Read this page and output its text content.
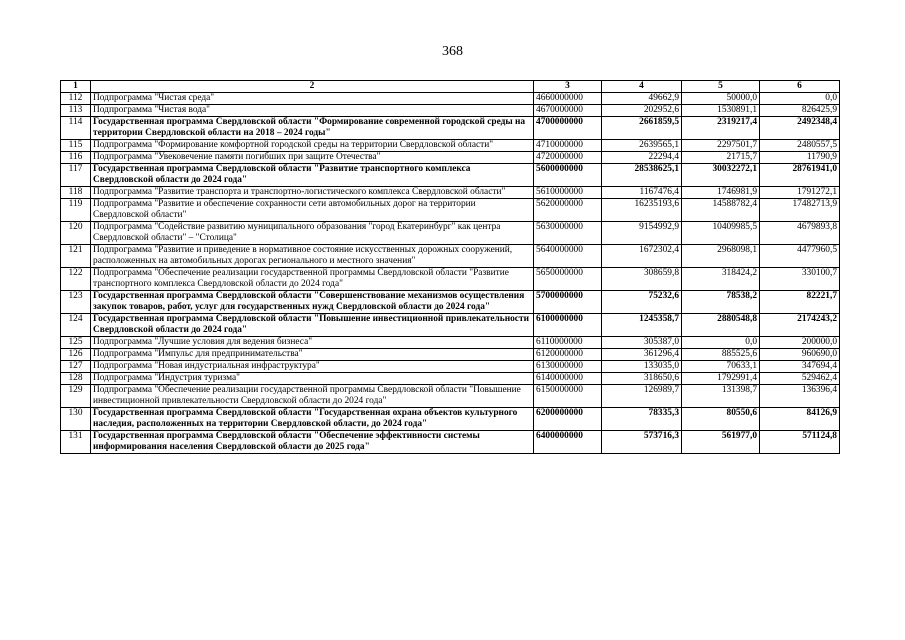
368
1	2	3	4	5	6
112	Подпрограмма "Чистая среда"	4660000000	49662,9	50000,0	0,0
113	Подпрограмма "Чистая вода"	4670000000	202952,6	1530891,1	826425,9
114	Государственная программа Свердловской области "Формирование современной городской среды на территории Свердловской области на 2018 – 2024 годы"	4700000000	2661859,5	2319217,4	2492348,4
115	Подпрограмма "Формирование комфортной городской среды на территории Свердловской области"	4710000000	2639565,1	2297501,7	2480557,5
116	Подпрограмма "Увековечение памяти погибших при защите Отечества"	4720000000	22294,4	21715,7	11790,9
117	Государственная программа Свердловской области "Развитие транспортного комплекса Свердловской области до 2024 года"	5600000000	28538625,1	30032272,1	28761941,0
118	Подпрограмма "Развитие транспорта и транспортно-логистического комплекса Свердловской области"	5610000000	1167476,4	1746981,9	1791272,1
119	Подпрограмма "Развитие и обеспечение сохранности сети автомобильных дорог на территории Свердловской области"	5620000000	16235193,6	14588782,4	17482713,9
120	Подпрограмма "Содействие развитию муниципального образования "город Екатеринбург" как центра Свердловской области" – "Столица"	5630000000	9154992,9	10409985,5	4679893,8
121	Подпрограмма "Развитие и приведение в нормативное состояние искусственных дорожных сооружений, расположенных на автомобильных дорогах регионального и местного значения"	5640000000	1672302,4	2968098,1	4477960,5
122	Подпрограмма "Обеспечение реализации государственной программы Свердловской области "Развитие транспортного комплекса Свердловской области до 2024 года"	5650000000	308659,8	318424,2	330100,7
123	Государственная программа Свердловской области "Совершенствование механизмов осуществления закупок товаров, работ, услуг для государственных нужд Свердловской области до 2024 года"	5700000000	75232,6	78538,2	82221,7
124	Государственная программа Свердловской области "Повышение инвестиционной привлекательности Свердловской области до 2024 года"	6100000000	1245358,7	2880548,8	2174243,2
125	Подпрограмма "Лучшие условия для ведения бизнеса"	6110000000	305387,0	0,0	200000,0
126	Подпрограмма "Импульс для предпринимательства"	6120000000	361296,4	885525,6	960690,0
127	Подпрограмма "Новая индустриальная инфраструктура"	6130000000	133035,0	70633,1	347694,4
128	Подпрограмма "Индустрия туризма"	6140000000	318650,6	1792991,4	529462,4
129	Подпрограмма "Обеспечение реализации государственной программы Свердловской области "Повышение инвестиционной привлекательности Свердловской области до 2024 года"	6150000000	126989,7	131398,7	136396,4
130	Государственная программа Свердловской области "Государственная охрана объектов культурного наследия, расположенных на территории Свердловской области, до 2024 года"	6200000000	78335,3	80550,6	84126,9
131	Государственная программа Свердловской области "Обеспечение эффективности системы информирования населения Свердловской области до 2025 года"	6400000000	573716,3	561977,0	571124,8
